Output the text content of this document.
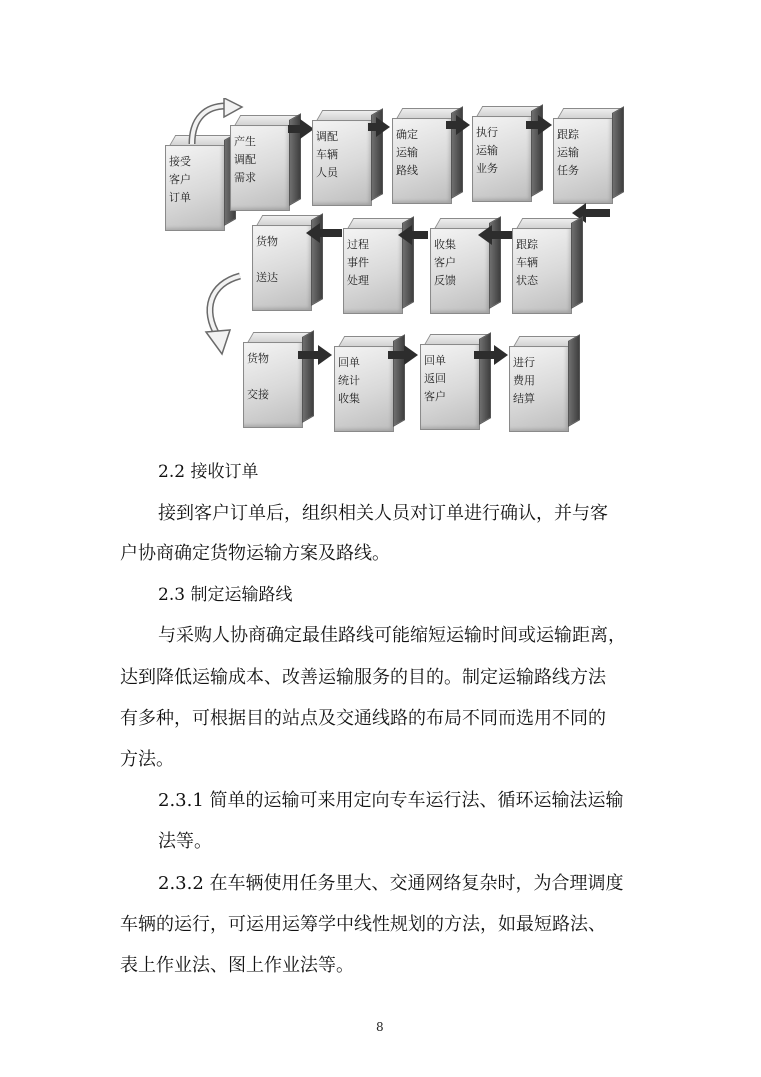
接受
客户
订单
产生
调配
需求
调配
车辆
人员
确定
运输
路线
执行
运输
业务
跟踪
运输
任务
货物

送达
过程
事件
处理
收集
客户
反馈
跟踪
车辆
状态
货物

交接
回单
统计
收集
回单
返回
客户
进行
费用
结算
2.2 接收订单
接到客户订单后，组织相关人员对订单进行确认，并与客
户协商确定货物运输方案及路线。
2.3 制定运输路线
与采购人协商确定最佳路线可能缩短运输时间或运输距离，
达到降低运输成本、改善运输服务的目的。制定运输路线方法
有多种，可根据目的站点及交通线路的布局不同而选用不同的
方法。
2.3.1 简单的运输可来用定向专车运行法、循环运输法运输
法等。
2.3.2 在车辆使用任务里大、交通网络复杂时，为合理调度
车辆的运行，可运用运筹学中线性规划的方法，如最短路法、
表上作业法、图上作业法等。
8
